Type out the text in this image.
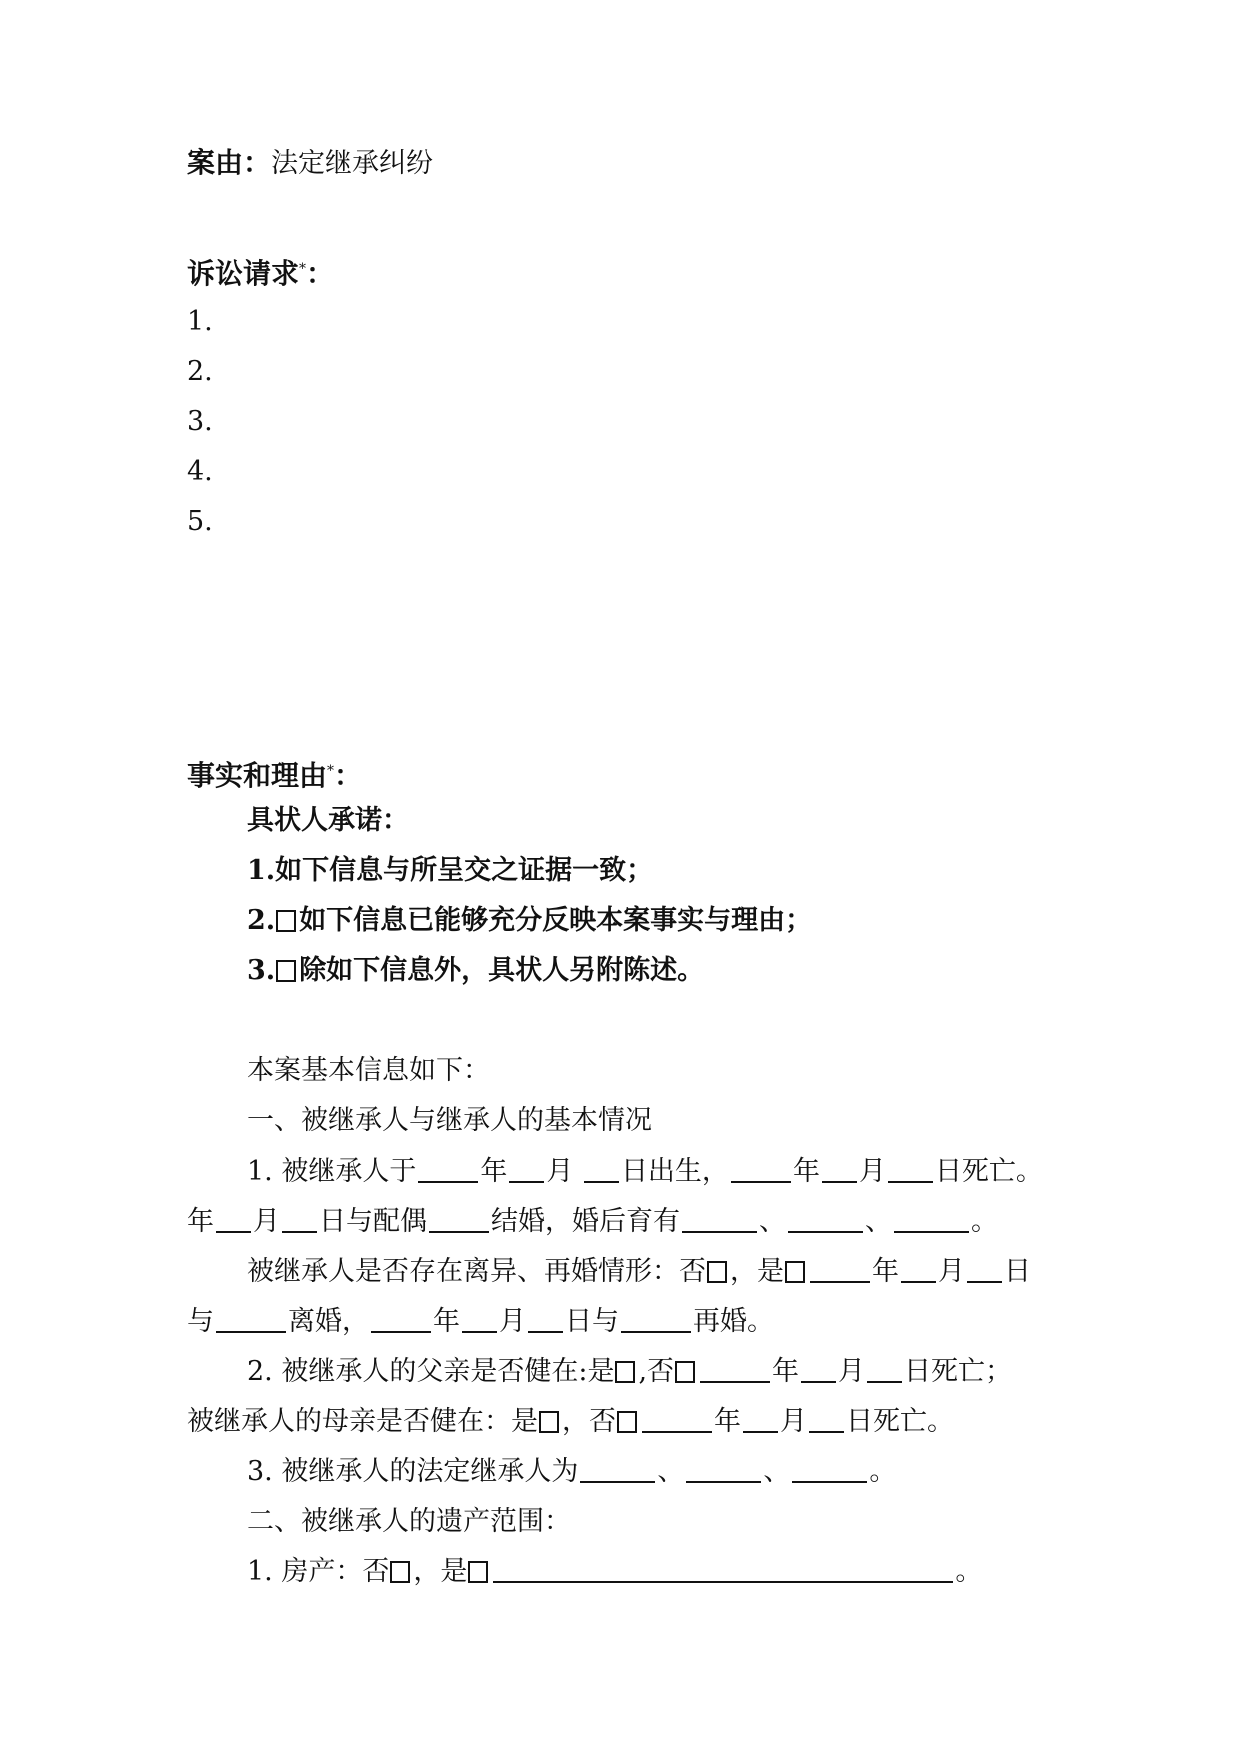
案由：法定继承纠纷
诉讼请求*：
1.
2.
3.
4.
5.
事实和理由*：
具状人承诺：
1.如下信息与所呈交之证据一致；
2. 如下信息已能够充分反映本案事实与理由；
3. 除如下信息外，具状人另附陈述。
本案基本信息如下：
一、被继承人与继承人的基本情况
1. 被继承人于 年 月 日出生， 年 月 日死亡。
年 月 日与配偶 结婚，婚后育有	、	、	。
被继承人是否存在离异、再婚情形：否 ，是	年 月 日
与	离婚， 年 月 日与	再婚。
2. 被继承人的父亲是否健在:是 ,否	年 月 日死亡；
被继承人的母亲是否健在：是 ，否	年 月 日死亡。
3. 被继承人的法定继承人为	、	、	。
二、被继承人的遗产范围：
1. 房产：否 ，是	。
